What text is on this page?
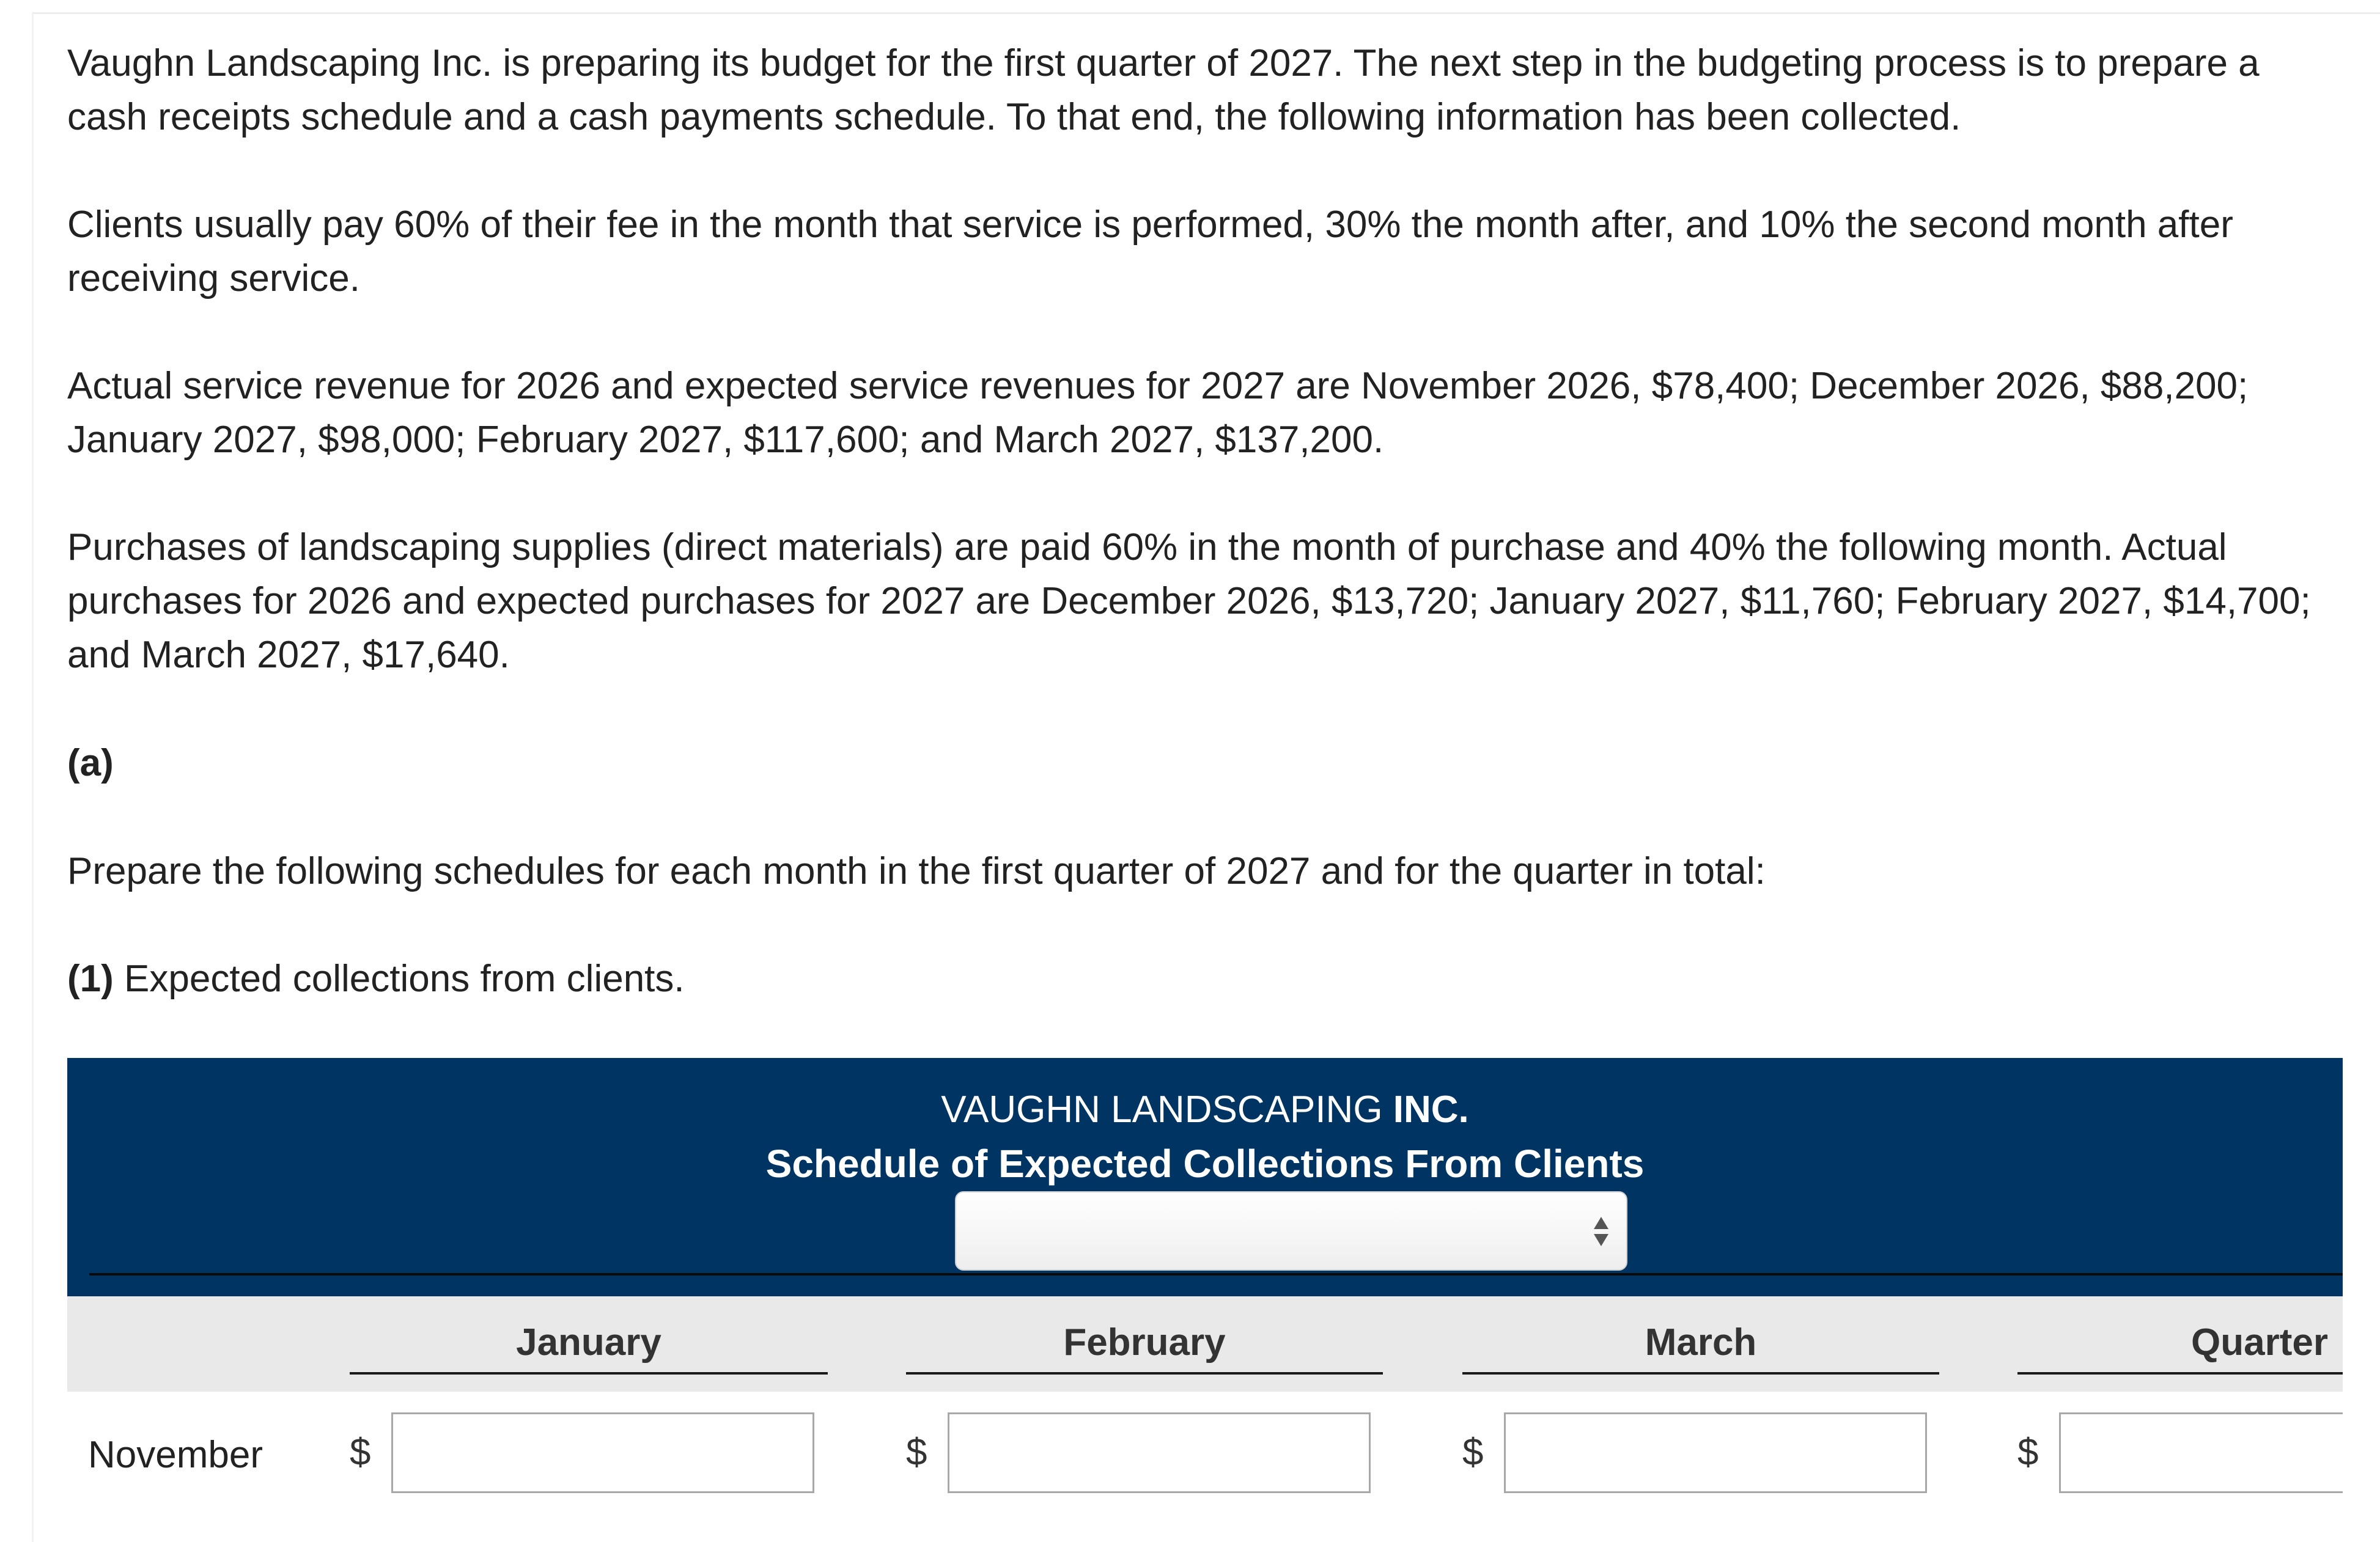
Vaughn Landscaping Inc. is preparing its budget for the first quarter of 2027. The next step in the budgeting process is to prepare a cash receipts schedule and a cash payments schedule. To that end, the following information has been collected.

Clients usually pay 60% of their fee in the month that service is performed, 30% the month after, and 10% the second month after receiving service.

Actual service revenue for 2026 and expected service revenues for 2027 are November 2026, $78,400; December 2026, $88,200; January 2027, $98,000; February 2027, $117,600; and March 2027, $137,200.

Purchases of landscaping supplies (direct materials) are paid 60% in the month of purchase and 40% the following month. Actual purchases for 2026 and expected purchases for 2027 are December 2026, $13,720; January 2027, $11,760; February 2027, $14,700; and March 2027, $17,640.

(a)

Prepare the following schedules for each month in the first quarter of 2027 and for the quarter in total:

(1) Expected collections from clients.

VAUGHN LANDSCAPING INC.
Schedule of Expected Collections From Clients
January	February	March	Quarter
November $	$	$	$
